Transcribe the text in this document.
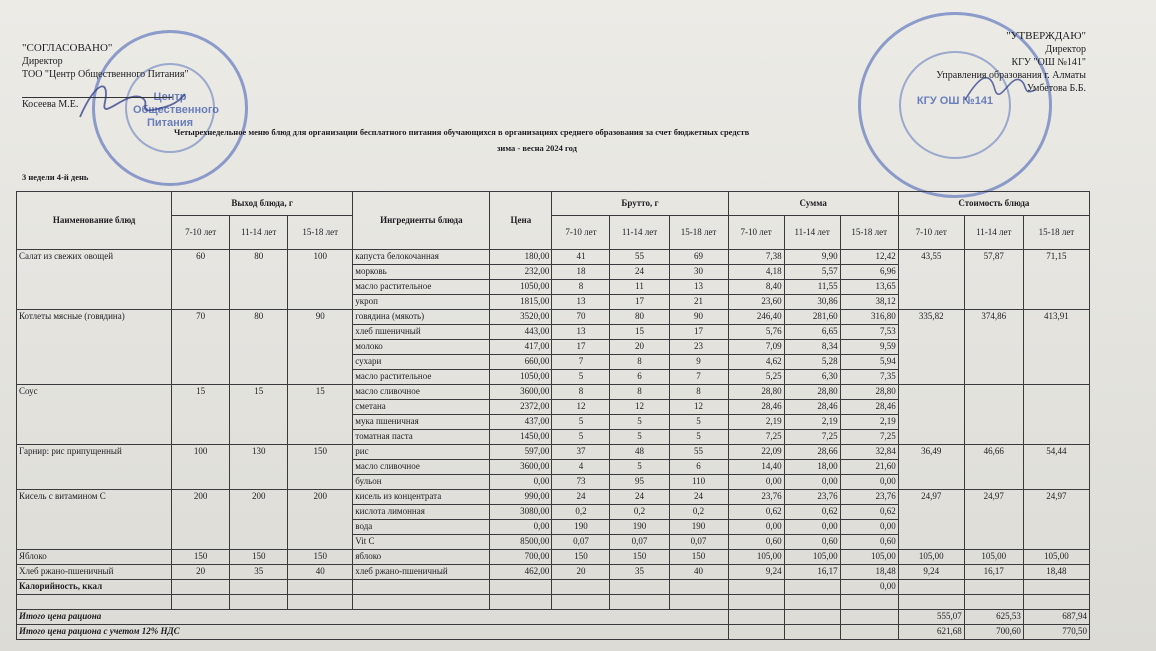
Центр Общественного Питания
КГУ ОШ №141
"СОГЛАСОВАНО"
Директор
ТОО "Центр Общественного Питания"
Косеева М.Е.
"УТВЕРЖДАЮ"
Директор
КГУ "ОШ №141"
Управления образования г. Алматы
Умбетова Б.Б.
Четырехнедельное меню блюд для организации бесплатного питания обучающихся в организациях среднего образования за счет бюджетных средств
зима - весна 2024 год
3 недели 4-й день
Наименование блюд	Выход блюда, г			Ингредиенты блюда	Цена	Брутто, г			Сумма			Стоимость блюда		
	7-10 лет	11-14 лет	15-18 лет			7-10 лет	11-14 лет	15-18 лет	7-10 лет	11-14 лет	15-18 лет	7-10 лет	11-14 лет	15-18 лет
Салат из свежих овощей	60	80	100	капуста белокочанная	180,00	41	55	69	7,38	9,90	12,42	43,55	57,87	71,15
				морковь	232,00	18	24	30	4,18	5,57	6,96			
				масло растительное	1050,00	8	11	13	8,40	11,55	13,65			
				укроп	1815,00	13	17	21	23,60	30,86	38,12			
Котлеты мясные (говядина)	70	80	90	говядина (мякоть)	3520,00	70	80	90	246,40	281,60	316,80	335,82	374,86	413,91
				хлеб пшеничный	443,00	13	15	17	5,76	6,65	7,53			
				молоко	417,00	17	20	23	7,09	8,34	9,59			
				сухари	660,00	7	8	9	4,62	5,28	5,94			
				масло растительное	1050,00	5	6	7	5,25	6,30	7,35			
Соус	15	15	15	масло сливочное	3600,00	8	8	8	28,80	28,80	28,80			
				сметана	2372,00	12	12	12	28,46	28,46	28,46			
				мука пшеничная	437,00	5	5	5	2,19	2,19	2,19			
				томатная паста	1450,00	5	5	5	7,25	7,25	7,25			
Гарнир: рис припущенный	100	130	150	рис	597,00	37	48	55	22,09	28,66	32,84	36,49	46,66	54,44
				масло сливочное	3600,00	4	5	6	14,40	18,00	21,60			
				бульон	0,00	73	95	110	0,00	0,00	0,00			
Кисель с витамином С	200	200	200	кисель из концентрата	990,00	24	24	24	23,76	23,76	23,76	24,97	24,97	24,97
				кислота лимонная	3080,00	0,2	0,2	0,2	0,62	0,62	0,62			
				вода	0,00	190	190	190	0,00	0,00	0,00			
				Vit C	8500,00	0,07	0,07	0,07	0,60	0,60	0,60			
Яблоко	150	150	150	яблоко	700,00	150	150	150	105,00	105,00	105,00	105,00	105,00	105,00
Хлеб ржано-пшеничный	20	35	40	хлеб ржано-пшеничный	462,00	20	35	40	9,24	16,17	18,48	9,24	16,17	18,48
Калорийность, ккал											0,00			

Итого цена рациона												555,07	625,53	687,94
Итого цена рациона с учетом 12% НДС												621,68	700,60	770,50
